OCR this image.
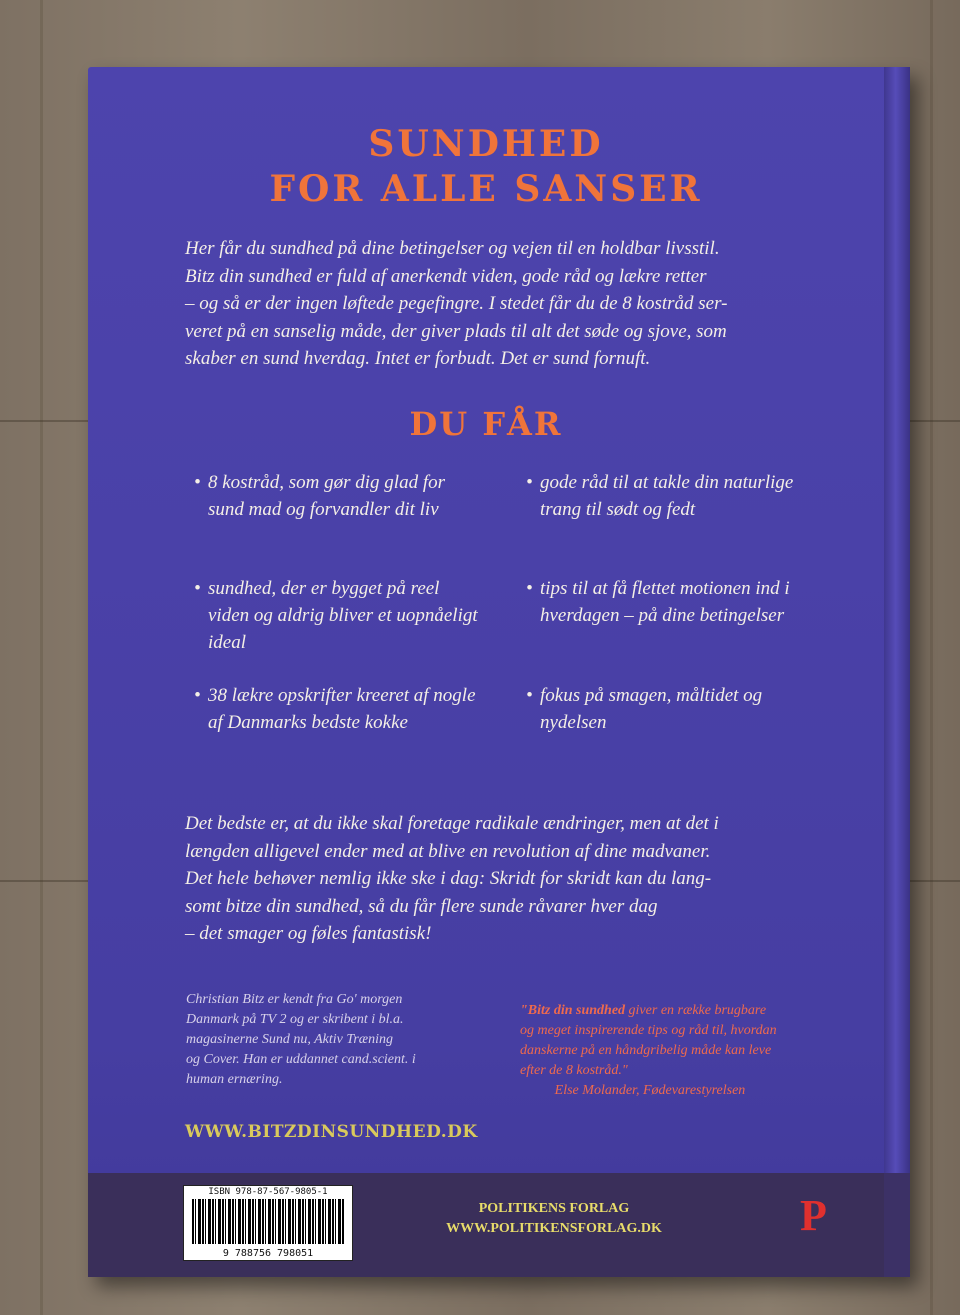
SUNDHED
FOR ALLE SANSER

Her får du sundhed på dine betingelser og vejen til en holdbar livsstil.

Bitz din sundhed er fuld af anerkendt viden, gode råd og lækre retter

– og så er der ingen løftede pegefingre. I stedet får du de 8 kostråd ser-

veret på en sanselig måde, der giver plads til alt det søde og sjove, som

skaber en sund hverdag. Intet er forbudt. Det er sund fornuft.

DU FÅR
• 8 kostråd, som gør dig glad for sund mad og forvandler dit liv
• sundhed, der er bygget på reel viden og aldrig bliver et uopnåeligt ideal
• 38 lækre opskrifter kreeret af nogle af Danmarks bedste kokke
• gode råd til at takle din naturlige trang til sødt og fedt
• tips til at få flettet motionen ind i hverdagen – på dine betingelser
• fokus på smagen, måltidet og nydelsen
Det bedste er, at du ikke skal foretage radikale ændringer, men at det i
længden alligevel ender med at blive en revolution af dine madvaner.
Det hele behøver nemlig ikke ske i dag: Skridt for skridt kan du lang-
somt bitze din sundhed, så du får flere sunde råvarer hver dag
– det smager og føles fantastisk!
Christian Bitz er kendt fra Go' morgen
Danmark på TV 2 og er skribent i bl.a.
magasinerne Sund nu, Aktiv Træning
og Cover. Han er uddannet cand.scient. i
human ernæring.
"Bitz din sundhed giver en række brugbare og meget inspirerende tips og råd til, hvordan danskerne på en håndgribelig måde kan leve efter de 8 kostråd."
Else Molander, Fødevarestyrelsen
WWW.BITZDINSUNDHED.DK
ISBN 978-87-567-9805-1
9 788756 798051
POLITIKENS FORLAG
WWW.POLITIKENSFORLAG.DK	P
